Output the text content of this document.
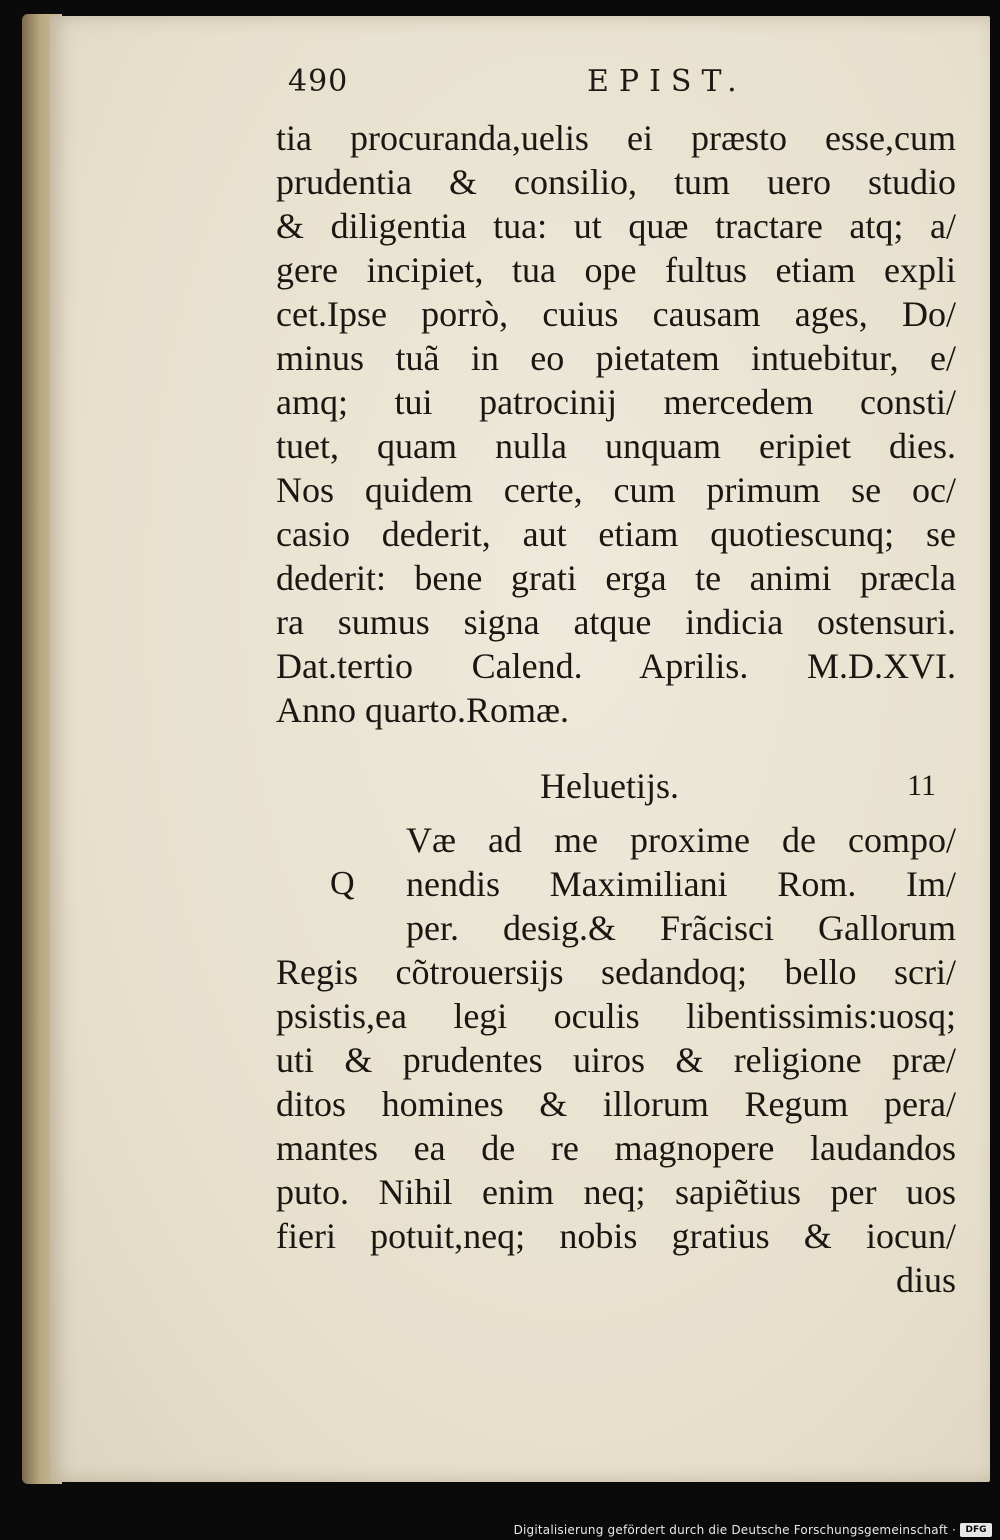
490	EPIST.
tia procuranda,uelis ei præsto esse,cum
prudentia & consilio, tum uero studio
& diligentia tua: ut quæ tractare atq; a/
gere incipiet, tua ope fultus etiam expli
cet.Ipse porrò, cuius causam ages, Do/
minus tuã in eo pietatem intuebitur, e/
amq; tui patrocinij mercedem consti/
tuet, quam nulla unquam eripiet dies.
Nos quidem certe, cum primum se oc/
casio dederit, aut etiam quotiescunq; se
dederit: bene grati erga te animi præcla
ra sumus signa atque indicia ostensuri.
Dat.tertio Calend. Aprilis. M.D.XVI.
Anno quarto.Romæ.
Heluetijs.	11
Q
Væ ad me proxime de compo/
nendis Maximiliani Rom. Im/
per. desig.& Frãcisci Gallorum
Regis cõtrouersijs sedandoq; bello scri/
psistis,ea legi oculis libentissimis:uosq;
uti & prudentes uiros & religione præ/
ditos homines & illorum Regum pera/
mantes ea de re magnopere laudandos
puto. Nihil enim neq; sapiẽtius per uos
fieri potuit,neq; nobis gratius & iocun/
dius
Digitalisierung gefördert durch die Deutsche Forschungsgemeinschaft ·	DFG
